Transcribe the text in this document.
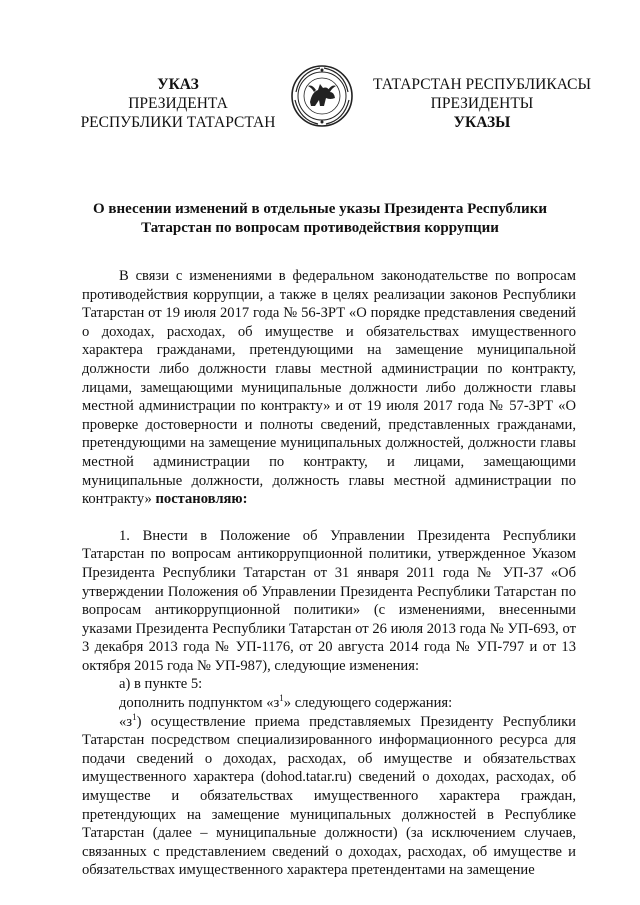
УКАЗ
ПРЕЗИДЕНТА
РЕСПУБЛИКИ ТАТАРСТАН
ТАТАРСТАН РЕСПУБЛИКАСЫ
ПРЕЗИДЕНТЫ
УКАЗЫ
О внесении изменений в отдельные указы Президента Республики
Татарстан по вопросам противодействия коррупции

В связи с изменениями в федеральном законодательстве по вопросам противодействия коррупции, а также в целях реализации законов Республики Татарстан от 19 июля 2017 года № 56-ЗРТ «О порядке представления сведений о доходах, расходах, об имуществе и обязательствах имущественного характера гражданами, претендующими на замещение муниципальной должности либо должности главы местной администрации по контракту, лицами, замещающими муниципальные должности либо должности главы местной администрации по контракту» и от 19 июля 2017 года № 57-ЗРТ «О проверке достоверности и полноты сведений, представленных гражданами, претендующими на замещение муниципальных должностей, должности главы местной администрации по контракту, и лицами, замещающими муниципальные должности, должность главы местной администрации по контракту» постановляю:

1. Внести в Положение об Управлении Президента Республики Татарстан по вопросам антикоррупционной политики, утвержденное Указом Президента Республики Татарстан от 31 января 2011 года № УП-37 «Об утверждении Положения об Управлении Президента Республики Татарстан по вопросам антикоррупционной политики» (с изменениями, внесенными указами Президента Республики Татарстан от 26 июля 2013 года № УП-693, от 3 декабря 2013 года № УП-1176, от 20 августа 2014 года № УП-797 и от 13 октября 2015 года № УП-987), следующие изменения:

а) в пункте 5:

дополнить подпунктом «$з^1$» следующего содержания:

«$з^1$) осуществление приема представляемых Президенту Республики Татарстан посредством специализированного информационного ресурса для подачи сведений о доходах, расходах, об имуществе и обязательствах имущественного характера (dohod.tatar.ru) сведений о доходах, расходах, об имуществе и обязательствах имущественного характера граждан, претендующих на замещение муниципальных должностей в Республике Татарстан (далее – муниципальные должности) (за исключением случаев, связанных с представлением сведений о доходах, расходах, об имуществе и обязательствах имущественного характера претендентами на замещение
